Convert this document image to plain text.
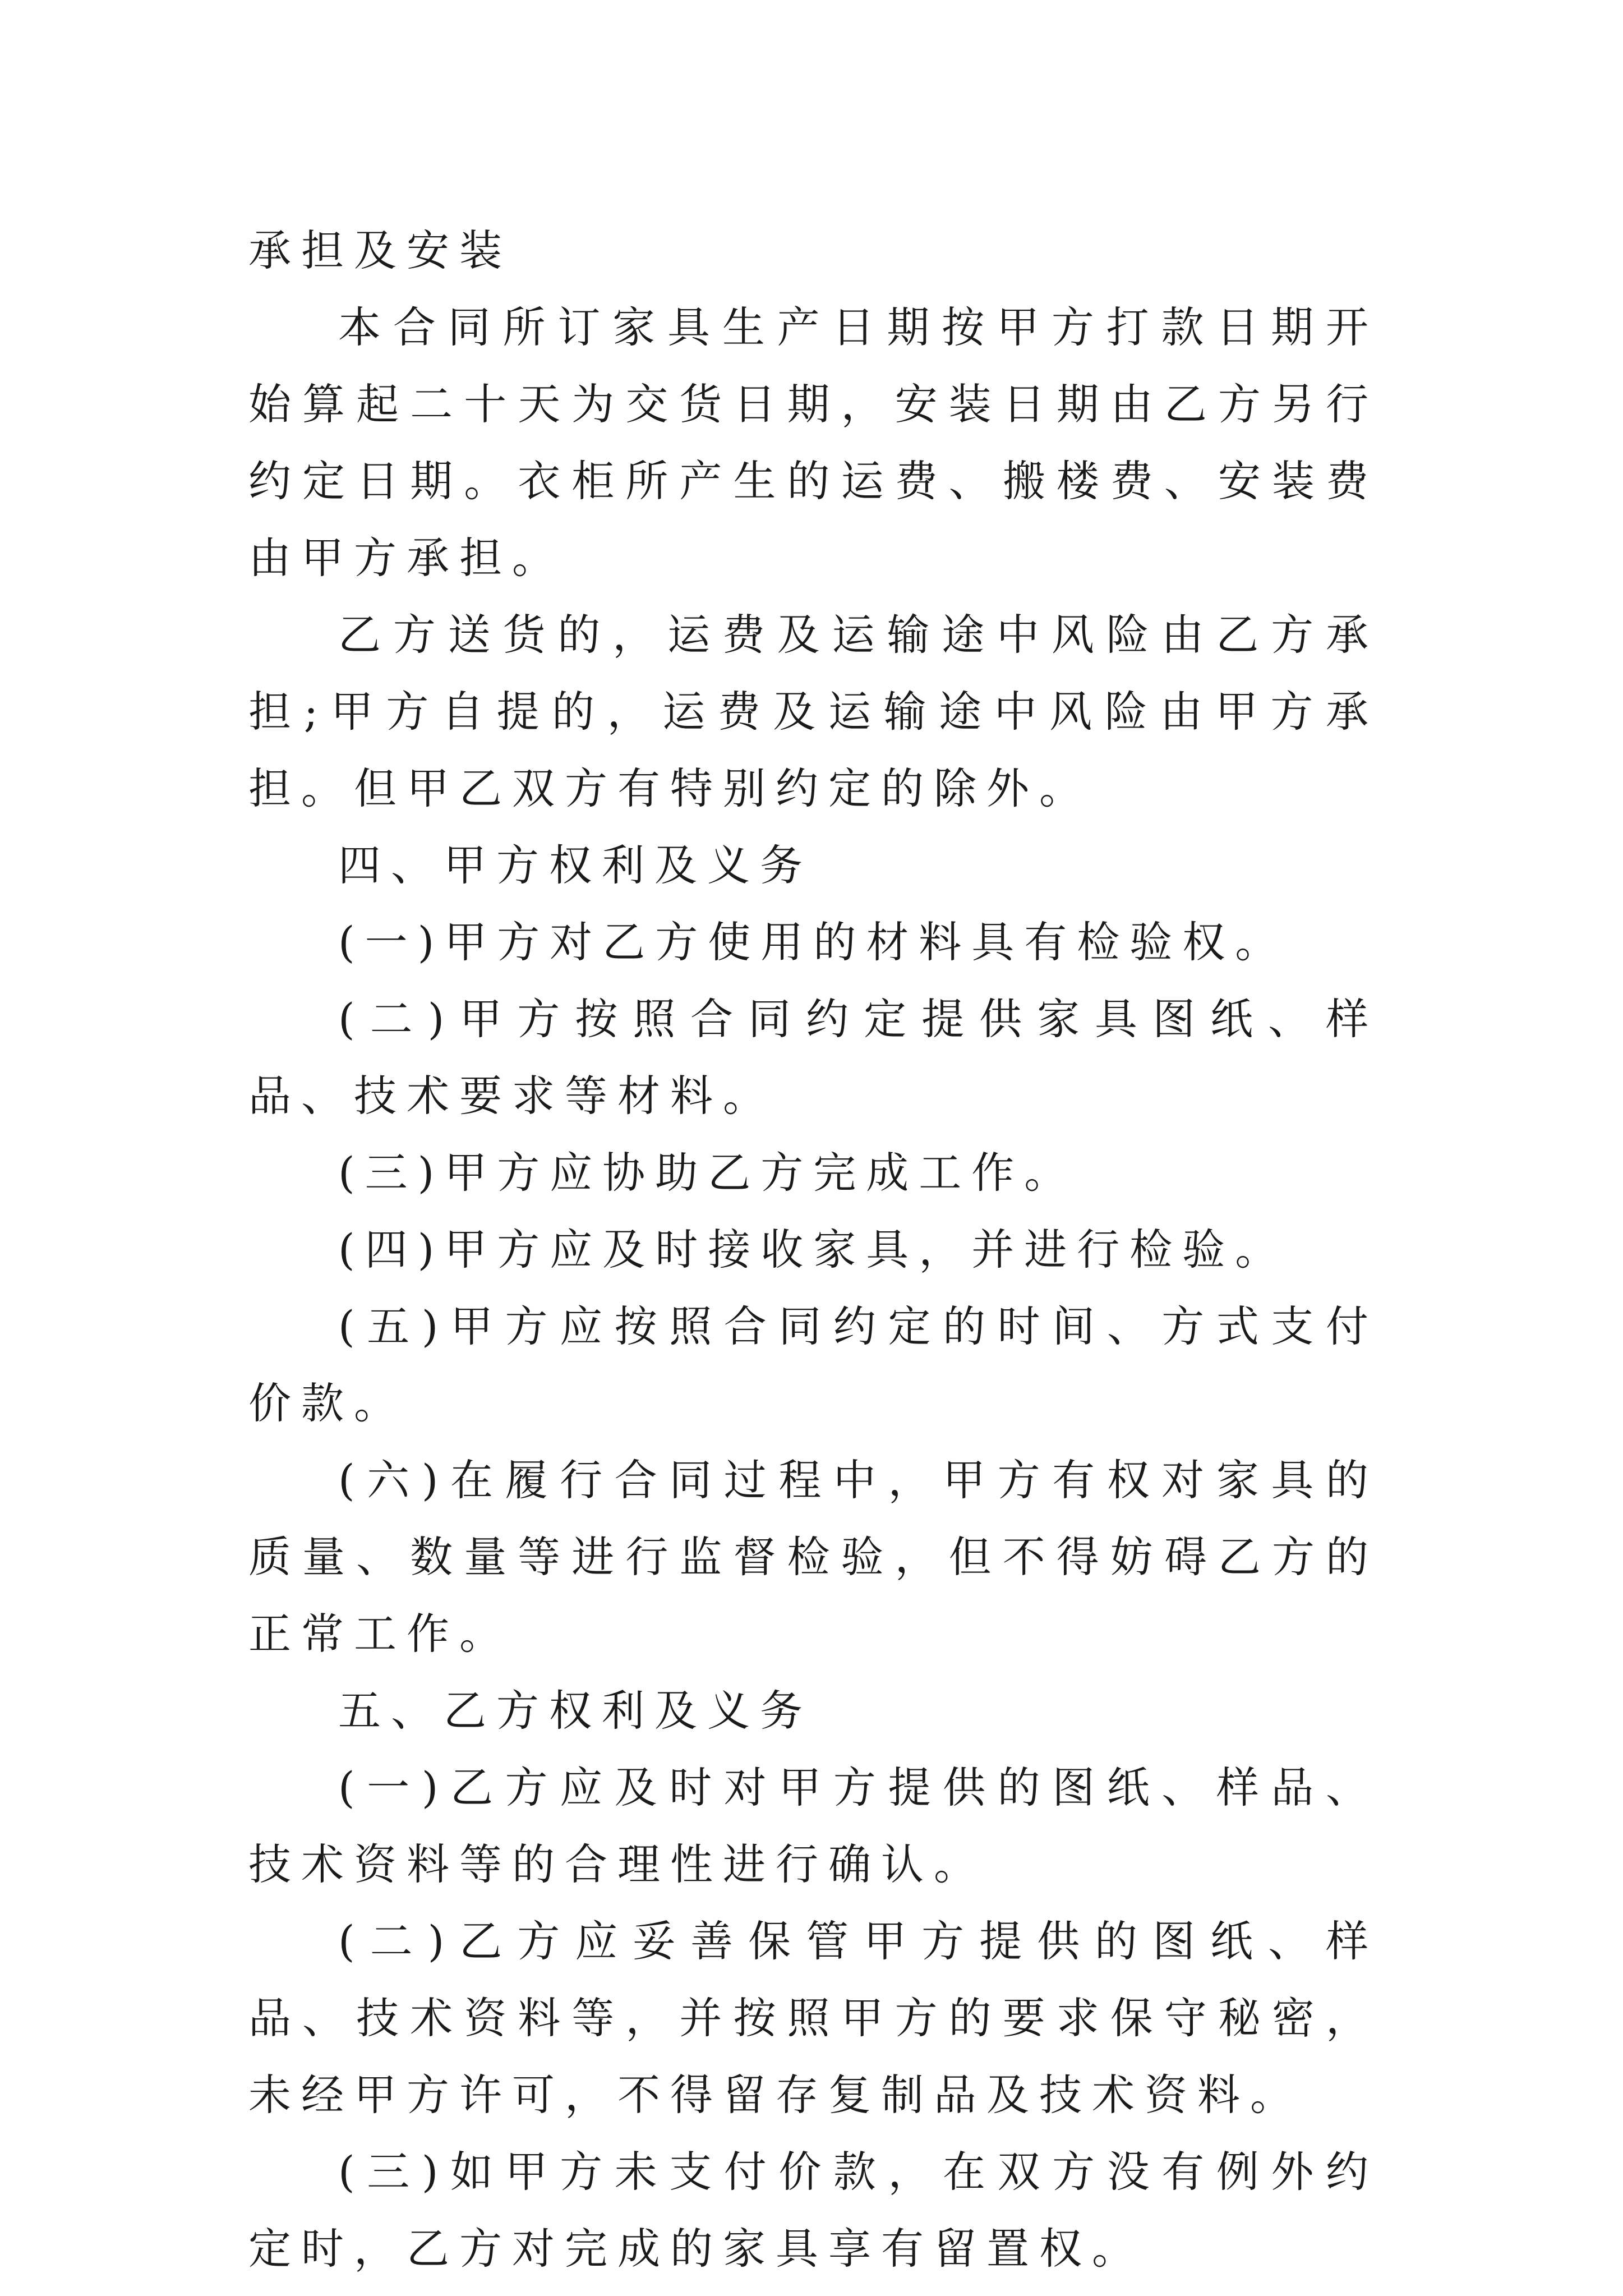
承担及安装

本合同所订家具生产日期按甲方打款日期开始算起二十天为交货日期，安装日期由乙方另行约定日期。衣柜所产生的运费、搬楼费、安装费由甲方承担。

乙方送货的，运费及运输途中风险由乙方承担;甲方自提的，运费及运输途中风险由甲方承担。但甲乙双方有特别约定的除外。

四、甲方权利及义务

(一)甲方对乙方使用的材料具有检验权。

(二)甲方按照合同约定提供家具图纸、样品、技术要求等材料。

(三)甲方应协助乙方完成工作。

(四)甲方应及时接收家具，并进行检验。

(五)甲方应按照合同约定的时间、方式支付价款。

(六)在履行合同过程中，甲方有权对家具的质量、数量等进行监督检验，但不得妨碍乙方的正常工作。

五、乙方权利及义务

(一)乙方应及时对甲方提供的图纸、样品、技术资料等的合理性进行确认。

(二)乙方应妥善保管甲方提供的图纸、样品、技术资料等，并按照甲方的要求保守秘密，未经甲方许可，不得留存复制品及技术资料。

(三)如甲方未支付价款，在双方没有例外约定时，乙方对完成的家具享有留置权。
